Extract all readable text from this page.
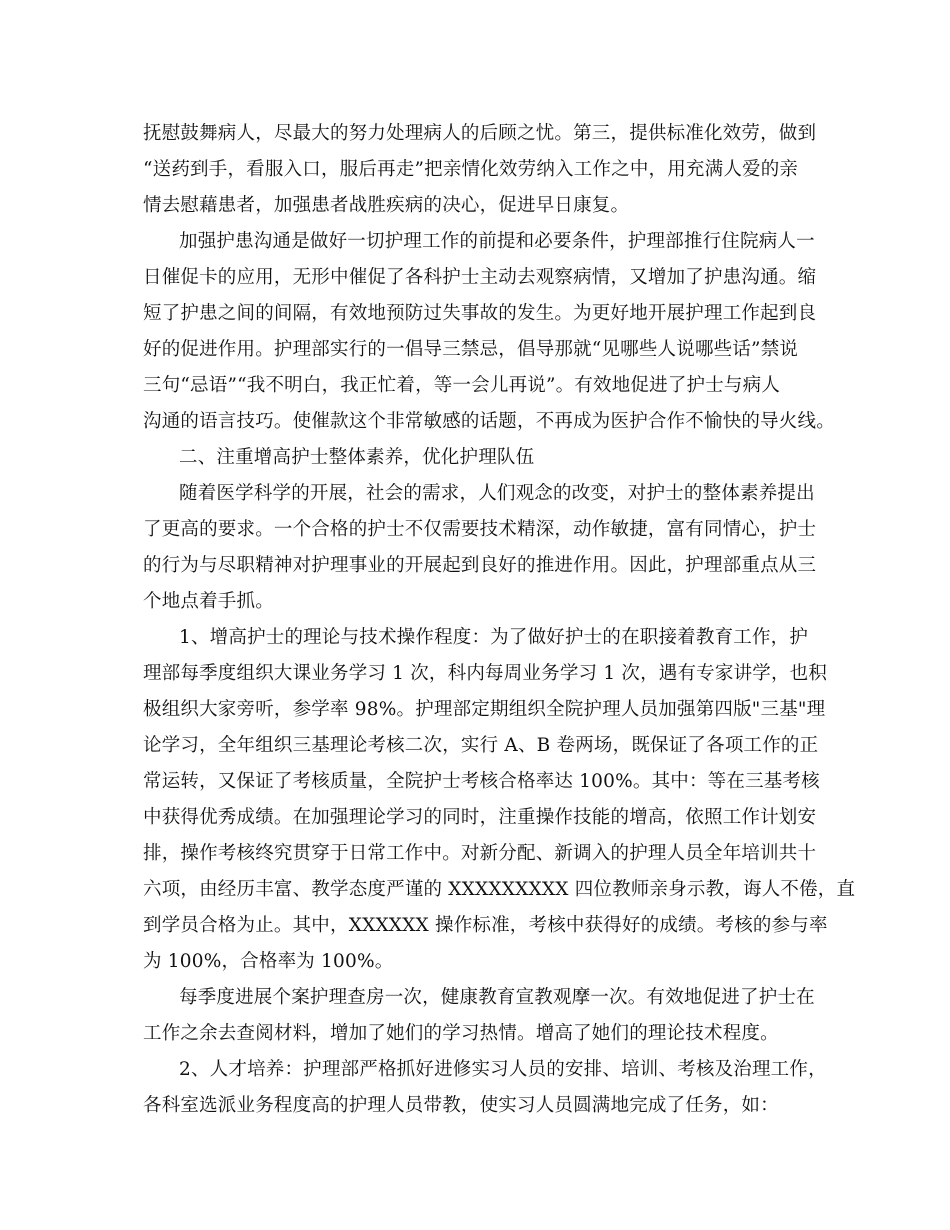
抚慰鼓舞病人，尽最大的努力处理病人的后顾之忧。第三，提供标准化效劳，做到
“送药到手，看服入口，服后再走”把亲情化效劳纳入工作之中，用充满人爱的亲
情去慰藉患者，加强患者战胜疾病的决心，促进早日康复。
加强护患沟通是做好一切护理工作的前提和必要条件，护理部推行住院病人一
日催促卡的应用，无形中催促了各科护士主动去观察病情，又增加了护患沟通。缩
短了护患之间的间隔，有效地预防过失事故的发生。为更好地开展护理工作起到良
好的促进作用。护理部实行的一倡导三禁忌，倡导那就“见哪些人说哪些话”禁说
三句“忌语”“我不明白，我正忙着，等一会儿再说”。有效地促进了护士与病人
沟通的语言技巧。使催款这个非常敏感的话题，不再成为医护合作不愉快的导火线。
二、注重增高护士整体素养，优化护理队伍
随着医学科学的开展，社会的需求，人们观念的改变，对护士的整体素养提出
了更高的要求。一个合格的护士不仅需要技术精深，动作敏捷，富有同情心，护士
的行为与尽职精神对护理事业的开展起到良好的推进作用。因此，护理部重点从三
个地点着手抓。
1、增高护士的理论与技术操作程度：为了做好护士的在职接着教育工作，护
理部每季度组织大课业务学习 1 次，科内每周业务学习 1 次，遇有专家讲学，也积
极组织大家旁听，参学率 98%。护理部定期组织全院护理人员加强第四版"三基"理
论学习，全年组织三基理论考核二次，实行 A、B 卷两场，既保证了各项工作的正
常运转，又保证了考核质量，全院护士考核合格率达 100%。其中：等在三基考核
中获得优秀成绩。在加强理论学习的同时，注重操作技能的增高，依照工作计划安
排，操作考核终究贯穿于日常工作中。对新分配、新调入的护理人员全年培训共十
六项，由经历丰富、教学态度严谨的 XXXXXXXXX 四位教师亲身示教，诲人不倦，直
到学员合格为止。其中，XXXXXX 操作标准，考核中获得好的成绩。考核的参与率
为 100%，合格率为 100%。
每季度进展个案护理查房一次，健康教育宣教观摩一次。有效地促进了护士在
工作之余去查阅材料，增加了她们的学习热情。增高了她们的理论技术程度。
2、人才培养：护理部严格抓好进修实习人员的安排、培训、考核及治理工作，
各科室选派业务程度高的护理人员带教，使实习人员圆满地完成了任务，如：
